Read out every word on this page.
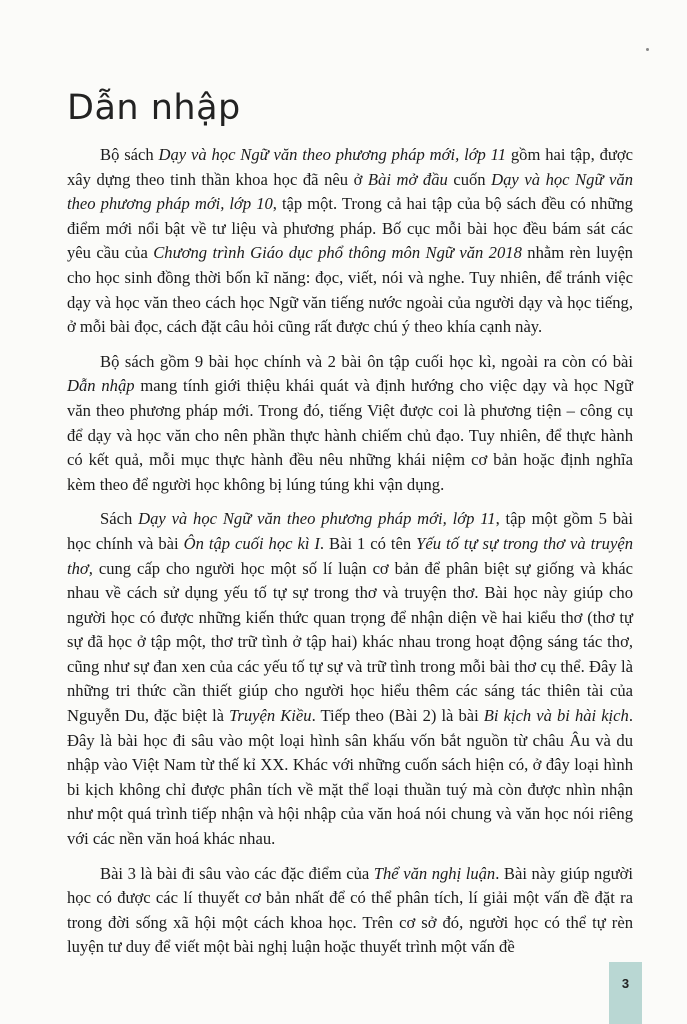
Dẫn nhập

Bộ sách Dạy và học Ngữ văn theo phương pháp mới, lớp 11 gồm hai tập, được xây dựng theo tinh thần khoa học đã nêu ở Bài mở đầu cuốn Dạy và học Ngữ văn theo phương pháp mới, lớp 10, tập một. Trong cả hai tập của bộ sách đều có những điểm mới nổi bật về tư liệu và phương pháp. Bố cục mỗi bài học đều bám sát các yêu cầu của Chương trình Giáo dục phổ thông môn Ngữ văn 2018 nhằm rèn luyện cho học sinh đồng thời bốn kĩ năng: đọc, viết, nói và nghe. Tuy nhiên, để tránh việc dạy và học văn theo cách học Ngữ văn tiếng nước ngoài của người dạy và học tiếng, ở mỗi bài đọc, cách đặt câu hỏi cũng rất được chú ý theo khía cạnh này.

Bộ sách gồm 9 bài học chính và 2 bài ôn tập cuối học kì, ngoài ra còn có bài Dẫn nhập mang tính giới thiệu khái quát và định hướng cho việc dạy và học Ngữ văn theo phương pháp mới. Trong đó, tiếng Việt được coi là phương tiện – công cụ để dạy và học văn cho nên phần thực hành chiếm chủ đạo. Tuy nhiên, để thực hành có kết quả, mỗi mục thực hành đều nêu những khái niệm cơ bản hoặc định nghĩa kèm theo để người học không bị lúng túng khi vận dụng.

Sách Dạy và học Ngữ văn theo phương pháp mới, lớp 11, tập một gồm 5 bài học chính và bài Ôn tập cuối học kì I. Bài 1 có tên Yếu tố tự sự trong thơ và truyện thơ, cung cấp cho người học một số lí luận cơ bản để phân biệt sự giống và khác nhau về cách sử dụng yếu tố tự sự trong thơ và truyện thơ. Bài học này giúp cho người học có được những kiến thức quan trọng để nhận diện về hai kiểu thơ (thơ tự sự đã học ở tập một, thơ trữ tình ở tập hai) khác nhau trong hoạt động sáng tác thơ, cũng như sự đan xen của các yếu tố tự sự và trữ tình trong mỗi bài thơ cụ thể. Đây là những tri thức cần thiết giúp cho người học hiểu thêm các sáng tác thiên tài của Nguyễn Du, đặc biệt là Truyện Kiều. Tiếp theo (Bài 2) là bài Bi kịch và bi hài kịch. Đây là bài học đi sâu vào một loại hình sân khấu vốn bắt nguồn từ châu Âu và du nhập vào Việt Nam từ thế kỉ XX. Khác với những cuốn sách hiện có, ở đây loại hình bi kịch không chỉ được phân tích về mặt thể loại thuần tuý mà còn được nhìn nhận như một quá trình tiếp nhận và hội nhập của văn hoá nói chung và văn học nói riêng với các nền văn hoá khác nhau.

Bài 3 là bài đi sâu vào các đặc điểm của Thể văn nghị luận. Bài này giúp người học có được các lí thuyết cơ bản nhất để có thể phân tích, lí giải một vấn đề đặt ra trong đời sống xã hội một cách khoa học. Trên cơ sở đó, người học có thể tự rèn luyện tư duy để viết một bài nghị luận hoặc thuyết trình một vấn đề

3
